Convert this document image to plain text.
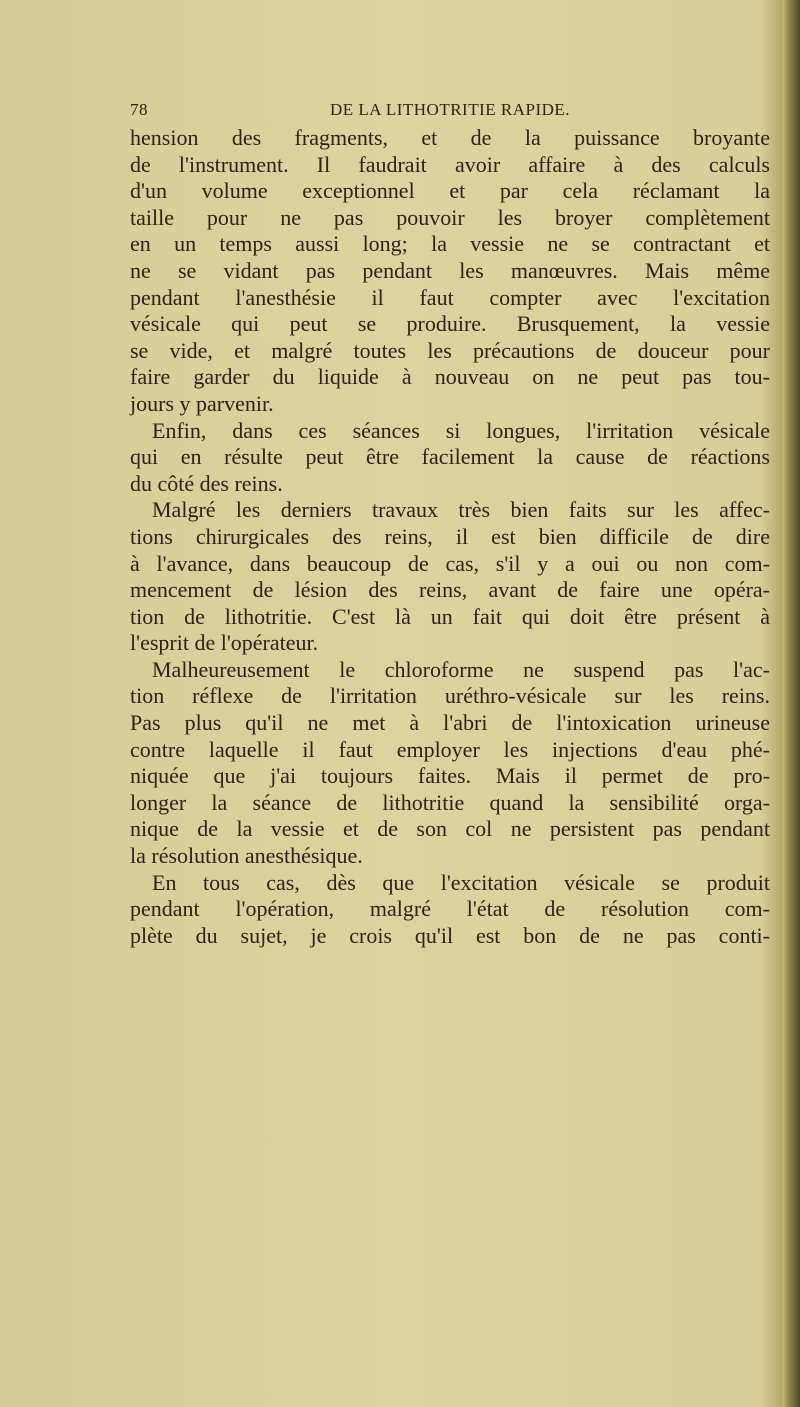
78	DE LA LITHOTRITIE RAPIDE.
hension des fragments, et de la puissance broyante
de l'instrument. Il faudrait avoir affaire à des calculs
d'un volume exceptionnel et par cela réclamant la
taille pour ne pas pouvoir les broyer complètement
en un temps aussi long; la vessie ne se contractant et
ne se vidant pas pendant les manœuvres. Mais même
pendant l'anesthésie il faut compter avec l'excitation
vésicale qui peut se produire. Brusquement, la vessie
se vide, et malgré toutes les précautions de douceur pour
faire garder du liquide à nouveau on ne peut pas tou-
jours y parvenir.
Enfin, dans ces séances si longues, l'irritation vésicale
qui en résulte peut être facilement la cause de réactions
du côté des reins.
Malgré les derniers travaux très bien faits sur les affec-
tions chirurgicales des reins, il est bien difficile de dire
à l'avance, dans beaucoup de cas, s'il y a oui ou non com-
mencement de lésion des reins, avant de faire une opéra-
tion de lithotritie. C'est là un fait qui doit être présent à
l'esprit de l'opérateur.
Malheureusement le chloroforme ne suspend pas l'ac-
tion réflexe de l'irritation uréthro-vésicale sur les reins.
Pas plus qu'il ne met à l'abri de l'intoxication urineuse
contre laquelle il faut employer les injections d'eau phé-
niquée que j'ai toujours faites. Mais il permet de pro-
longer la séance de lithotritie quand la sensibilité orga-
nique de la vessie et de son col ne persistent pas pendant
la résolution anesthésique.
En tous cas, dès que l'excitation vésicale se produit
pendant l'opération, malgré l'état de résolution com-
plète du sujet, je crois qu'il est bon de ne pas conti-
